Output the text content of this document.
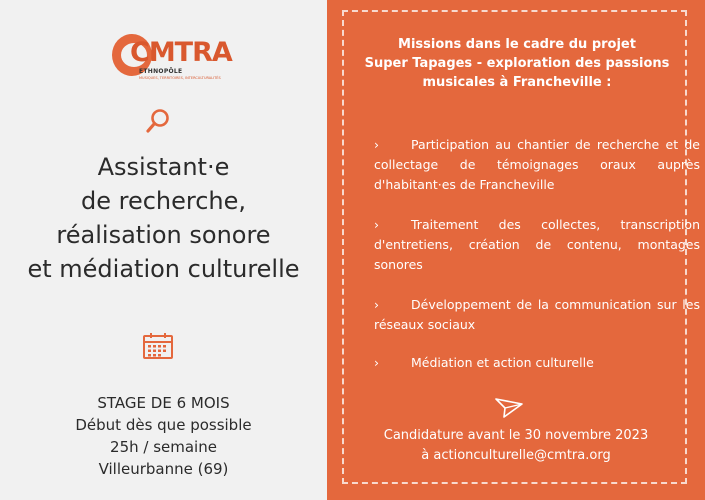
Missions dans le cadre du projet
Super Tapages - exploration des passions
musicales à Francheville :
Candidature avant le 30 novembre 2023
à actionculturelle@cmtra.org
›	Participation au chantier de recherche et de collectage de témoignages oraux auprès d'habitant·es de Francheville
›	Traitement des collectes, transcription d'entretiens, création de contenu, montages sonores
›	Développement de la communication sur les réseaux sociaux
›	Médiation et action culturelle
CMTRA
ETHNOPÔLE
MUSIQUES, TERRITOIRES, INTERCULTURALITÉS
Assistant·e
de recherche,
réalisation sonore
et médiation culturelle
STAGE DE 6 MOIS
Début dès que possible
25h / semaine
Villeurbanne (69)
